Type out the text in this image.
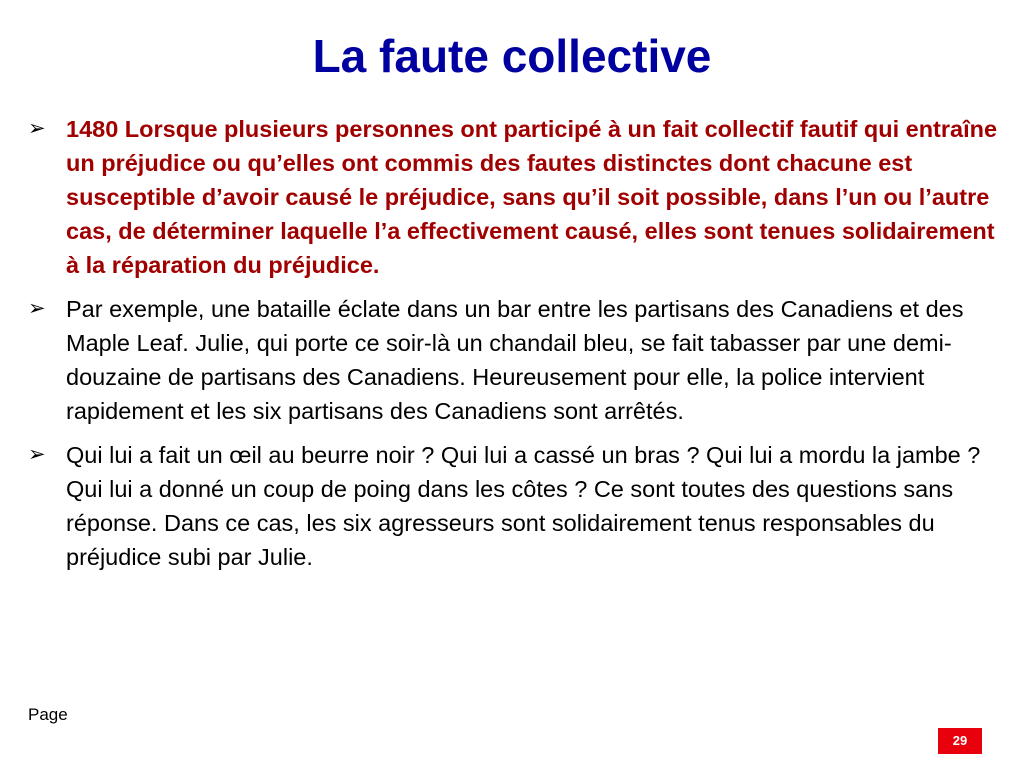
La faute collective
➢ 1480 Lorsque plusieurs personnes ont participé à un fait collectif fautif qui entraîne un préjudice ou qu’elles ont commis des fautes distinctes dont chacune est susceptible d’avoir causé le préjudice, sans qu’il soit possible, dans l’un ou l’autre cas, de déterminer laquelle l’a effectivement causé, elles sont tenues solidairement à la réparation du préjudice.
➢ Par exemple, une bataille éclate dans un bar entre les partisans des Canadiens et des Maple Leaf. Julie, qui porte ce soir-là un chandail bleu, se fait tabasser par une demi-douzaine de partisans des Canadiens. Heureusement pour elle, la police intervient rapidement et les six partisans des Canadiens sont arrêtés.
➢ Qui lui a fait un œil au beurre noir ? Qui lui a cassé un bras ? Qui lui a mordu la jambe ? Qui lui a donné un coup de poing dans les côtes ? Ce sont toutes des questions sans réponse. Dans ce cas, les six agresseurs sont solidairement tenus responsables du préjudice subi par Julie.
Page
29
